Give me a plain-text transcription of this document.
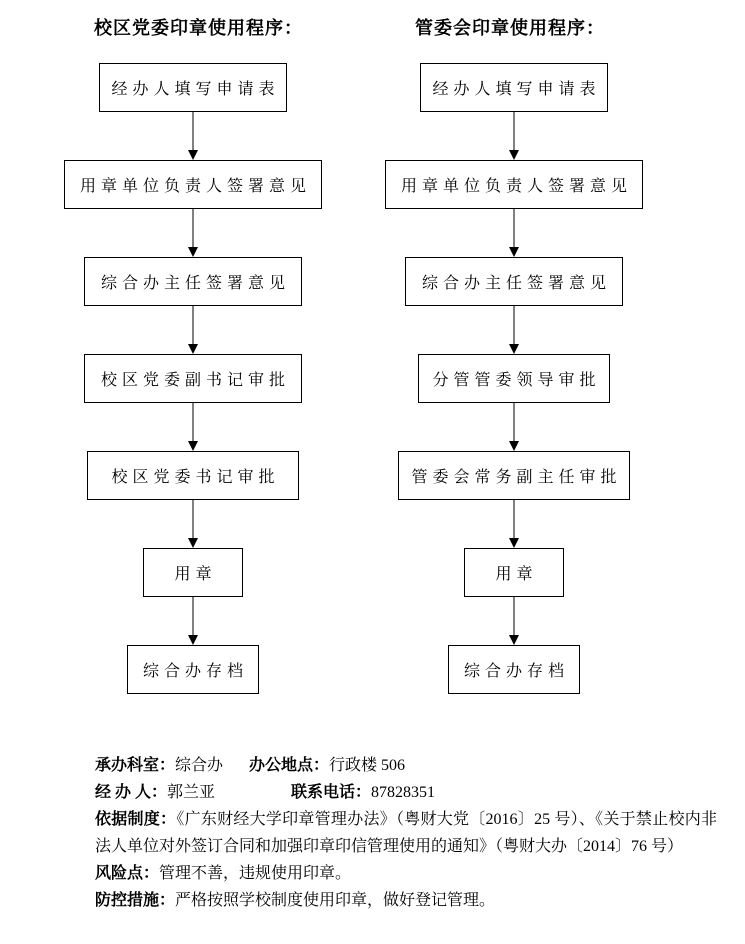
校区党委印章使用程序：
经办人填写申请表
用章单位负责人签署意见
综合办主任签署意见
校区党委副书记审批
校区党委书记审批
用章
综合办存档
管委会印章使用程序：
经办人填写申请表
用章单位负责人签署意见
综合办主任签署意见
分管管委领导审批
管委会常务副主任审批
用章
综合办存档

承办科室：综合办 办公地点：行政楼 506

经 办 人：郭兰亚	联系电话：87828351

依据制度：《广东财经大学印章管理办法》（粤财大党〔2016〕25 号）、《关于禁止校内非法人单位对外签订合同和加强印章印信管理使用的通知》（粤财大办〔2014〕76 号）

风险点：管理不善，违规使用印章。

防控措施：严格按照学校制度使用印章，做好登记管理。
